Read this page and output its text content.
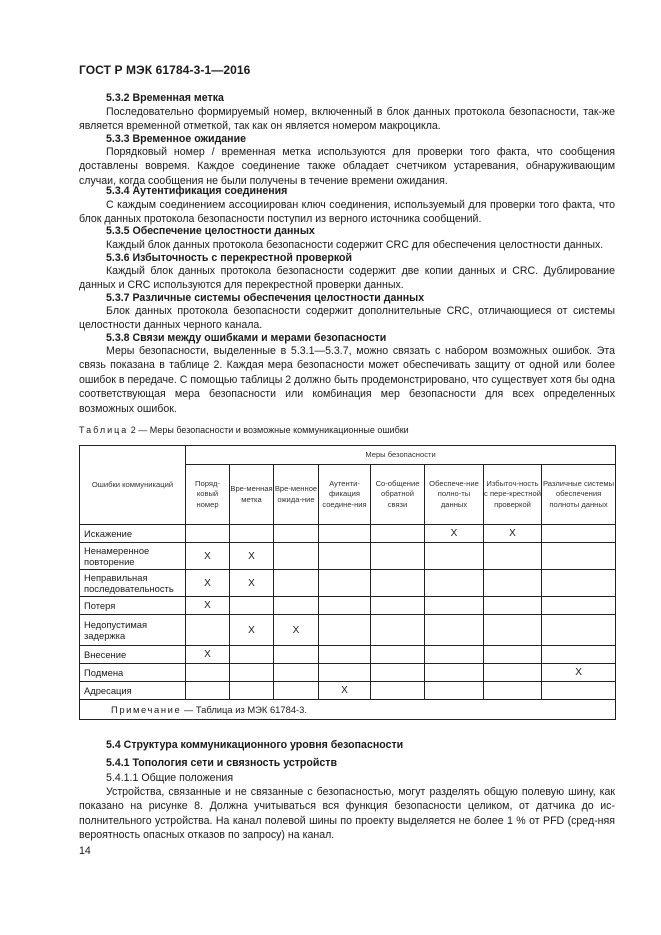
ГОСТ Р МЭК 61784-3-1—2016
5.3.2 Временная метка
Последовательно формируемый номер, включенный в блок данных протокола безопасности, так-же является временной отметкой, так как он является номером макроцикла.
5.3.3 Временное ожидание
Порядковый номер / временная метка используются для проверки того факта, что сообщения доставлены вовремя. Каждое соединение также обладает счетчиком устаревания, обнаруживающим случаи, когда сообщения не были получены в течение времени ожидания.
5.3.4 Аутентификация соединения
С каждым соединением ассоциирован ключ соединения, используемый для проверки того факта, что блок данных протокола безопасности поступил из верного источника сообщений.
5.3.5 Обеспечение целостности данных
Каждый блок данных протокола безопасности содержит CRC для обеспечения целостности данных.
5.3.6 Избыточность с перекрестной проверкой
Каждый блок данных протокола безопасности содержит две копии данных и CRC. Дублирование данных и CRC используются для перекрестной проверки данных.
5.3.7 Различные системы обеспечения целостности данных
Блок данных протокола безопасности содержит дополнительные CRC, отличающиеся от системы целостности данных черного канала.
5.3.8 Связи между ошибками и мерами безопасности
Меры безопасности, выделенные в 5.3.1—5.3.7, можно связать с набором возможных ошибок. Эта связь показана в таблице 2. Каждая мера безопасности может обеспечивать защиту от одной или более ошибок в передаче. С помощью таблицы 2 должно быть продемонстрировано, что существует хотя бы одна соответствующая мера безопасности или комбинация мер безопасности для всех определенных возможных ошибок.
Таблица 2 — Меры безопасности и возможные коммуникационные ошибки
Ошибки коммуникаций	Меры безопасности							
	Поряд-ковый номер	Вре-менная метка	Вре-менное ожида-ние	Аутенти-фикация соедине-ния	Со-общение обратной связи	Обеспече-ние полно-ты данных	Избыточ-ность с пере-крестной проверкой	Различные системы обеспечения полноты данных
Искажение						X	X	
Ненамеренное повторение	X	X						
Неправильная последовательность	X	X						
Потеря	X							
Недопустимая задержка		X	X					
Внесение	X							
Подмена								X
Адресация				X				
Примечание — Таблица из МЭК 61784-3.								
5.4 Структура коммуникационного уровня безопасности
5.4.1 Топология сети и связность устройств
5.4.1.1 Общие положения
Устройства, связанные и не связанные с безопасностью, могут разделять общую полевую шину, как показано на рисунке 8. Должна учитываться вся функция безопасности целиком, от датчика до ис-полнительного устройства. На канал полевой шины по проекту выделяется не более 1 % от PFD (сред-няя вероятность опасных отказов по запросу) на канал.
14
